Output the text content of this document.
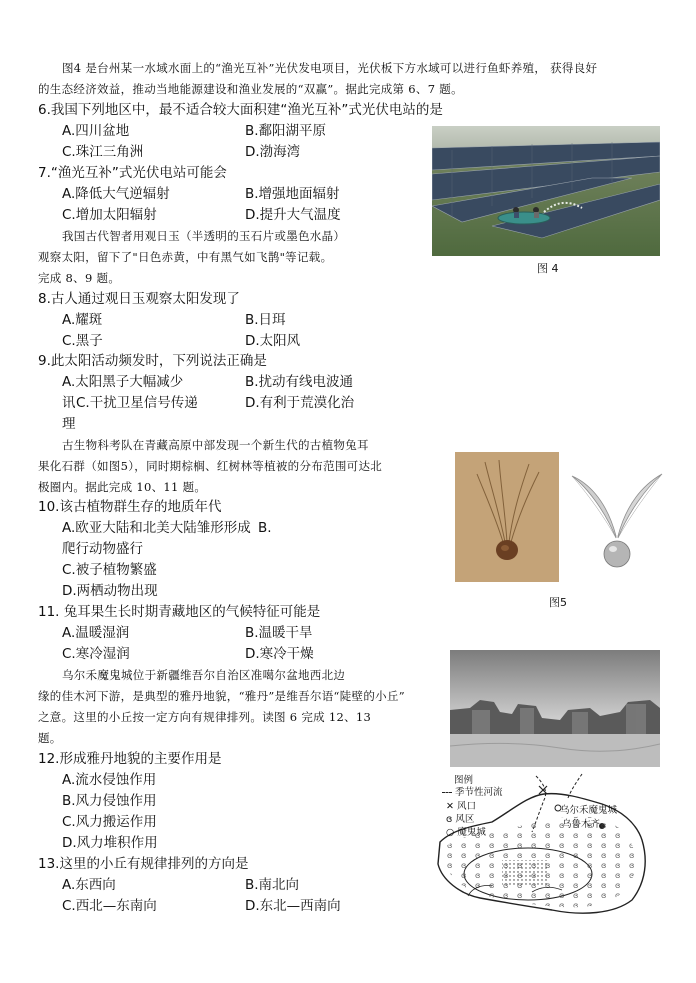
图4 是台州某一水域水面上的“渔光互补”光伏发电项目，光伏板下方水域可以进行鱼虾养殖， 获得良好
的生态经济效益，推动当地能源建设和渔业发展的“双赢”。据此完成第 6、7 题。
6.我国下列地区中，最不适合较大面积建“渔光互补”式光伏电站的是
A.四川盆地	B.鄱阳湖平原
C.珠江三角洲	D.渤海湾
7.“渔光互补”式光伏电站可能会
A.降低大气逆辐射	B.增强地面辐射
C.增加太阳辐射	D.提升大气温度
我国古代智者用观日玉（半透明的玉石片或墨色水晶）
观察太阳，留下了"日色赤黄，中有黑气如飞鹊"等记载。
完成 8、9 题。
图 4
8.古人通过观日玉观察太阳发现了
A.耀斑	B.日珥
C.黑子	D.太阳风
9.此太阳活动频发时，下列说法正确是
A.太阳黑子大幅减少	B.扰动有线电波通
讯 C.干扰卫星信号传递	D.有利于荒漠化治
理
古生物科考队在青藏高原中部发现一个新生代的古植物兔耳
果化石群（如图5），同时期棕榈、红树林等植被的分布范围可达北
极圈内。据此完成 10、11 题。
10.该古植物群生存的地质年代
A.欧亚大陆和北美大陆雏形形成 B.
爬行动物盛行
C.被子植物繁盛
D.两栖动物出现
图5
11. 兔耳果生长时期青藏地区的气候特征可能是
A.温暖湿润	B.温暖干旱
C.寒冷湿润	D.寒冷干燥
乌尔禾魔鬼城位于新疆维吾尔自治区准噶尔盆地西北边
缘的佳木河下游，是典型的雅丹地貌，“雅丹”是维吾尔语“陡壁的小丘”
之意。这里的小丘按一定方向有规律排列。读图 6 完成 12、13
题。
图例
季节性河流
✕ 风口
ɞ 风区
○ 魔鬼城
乌尔禾魔鬼城
乌鲁木齐
12.形成雅丹地貌的主要作用是
A.流水侵蚀作用
B.风力侵蚀作用
C.风力搬运作用
D.风力堆积作用
13.这里的小丘有规律排列的方向是
A.东西向	B.南北向
C.西北—东南向	D.东北—西南向
